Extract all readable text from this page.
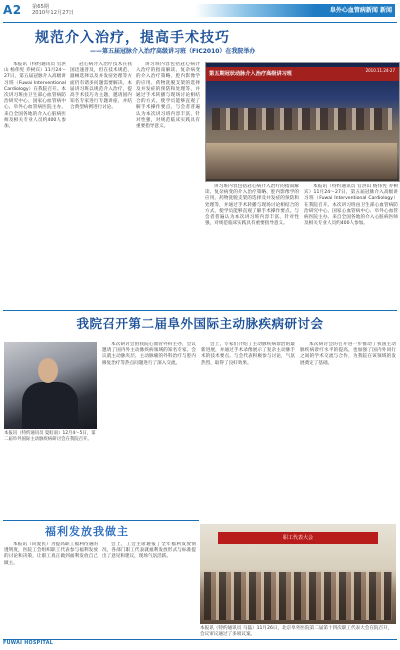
A2 第65期
2010年12月27日	阜外心血管病新闻 新闻
规范介入治疗，提高手术技巧
——第五届冠脉介入治疗高级讲习班（FIC2010）在我院举办

本报讯（特约通讯员 官洪山 杨伟宪 乔树宾）11月24～27日，第五届冠脉介入高级讲习班（Fuwai Interventional Cardiology）在我院召开。本次讲习班由卫生部心血管病防治研究中心、国家心血管病中心、阜外心血管病医院主办。来自全国各地的介入心脏病医师及相关专业人员约400人参加。

冠心病介入治疗技术在我国迅速普及，但在技术规范、器械选择以及并发症处理等方面仍有诸多问题需要解决。本届讲习班以规范介入治疗、提高手术技巧为主题，邀请国内知名专家进行专题讲座，并结合典型病例进行讨论。

讲习班内容包括冠心病介入治疗的指南解读、复杂病变的介入治疗策略、腔内影像学的应用、药物洗脱支架的选择及并发症的预防和处理等，并通过手术转播与现场讨论相结合的方式，使学员能够直观了解手术操作要点。与会者普遍认为本次讲习班内容丰富、针对性强，对规范临床实践具有重要指导意义。

第五期冠状动脉介入治疗高级讲习班
2010.11.24-27

讲习班内容包括冠心病介入治疗的指南解读、复杂病变的介入治疗策略、腔内影像学的应用、药物洗脱支架的选择及并发症的预防和处理等，并通过手术转播与现场讨论相结合的方式，使学员能够直观了解手术操作要点。与会者普遍认为本次讲习班内容丰富、针对性强，对规范临床实践具有重要指导意义。

本报讯（特约通讯员 官洪山 杨伟宪 乔树宾）11月24～27日，第五届冠脉介入高级讲习班（Fuwai Interventional Cardiology）在我院召开。本次讲习班由卫生部心血管病防治研究中心、国家心血管病中心、阜外心血管病医院主办。来自全国各地的介入心脏病医师及相关专业人员约400人参加。

我院召开第二届阜外国际主动脉疾病研讨会
本报讯（特约通讯员 夏虹雨）12月4～5日，第二届阜外国际主动脉疾病研讨会在我院召开。

本次研讨会由我院心血管外科主办，会议邀请了国内外主动脉疾病领域的知名专家。会议就主动脉夹层、主动脉瘤的外科治疗与腔内修复治疗等热点问题进行了深入交流。

会上，专家们介绍了主动脉疾病诊治的最新进展，并通过手术录像展示了复杂主动脉手术的技术要点。与会代表积极参与讨论，气氛热烈，取得了良好效果。

本次研讨会的召开进一步推动了我国主动脉疾病诊疗水平的提高，也加强了国内外同行之间的学术交流与合作，为我院在该领域的发展奠定了基础。

福利发放我做主

本报讯（向爱民）为提高职工福利待遇的透明度，医院工会组织职工代表参与福利发放的讨论和决策，让职工真正做到福利发放自己做主。

会上，工会主席通报了全年福利发放情况，各部门职工代表就福利发放形式与标准提出了意见和建议，现场气氛活跃。

职工代表大会
本报讯（特约通讯员 马磊）11月26日，北京阜外医院第二届第十四次职工代表大会在院召开，会议审议通过了多项议案。
FUWAI HOSPITAL
